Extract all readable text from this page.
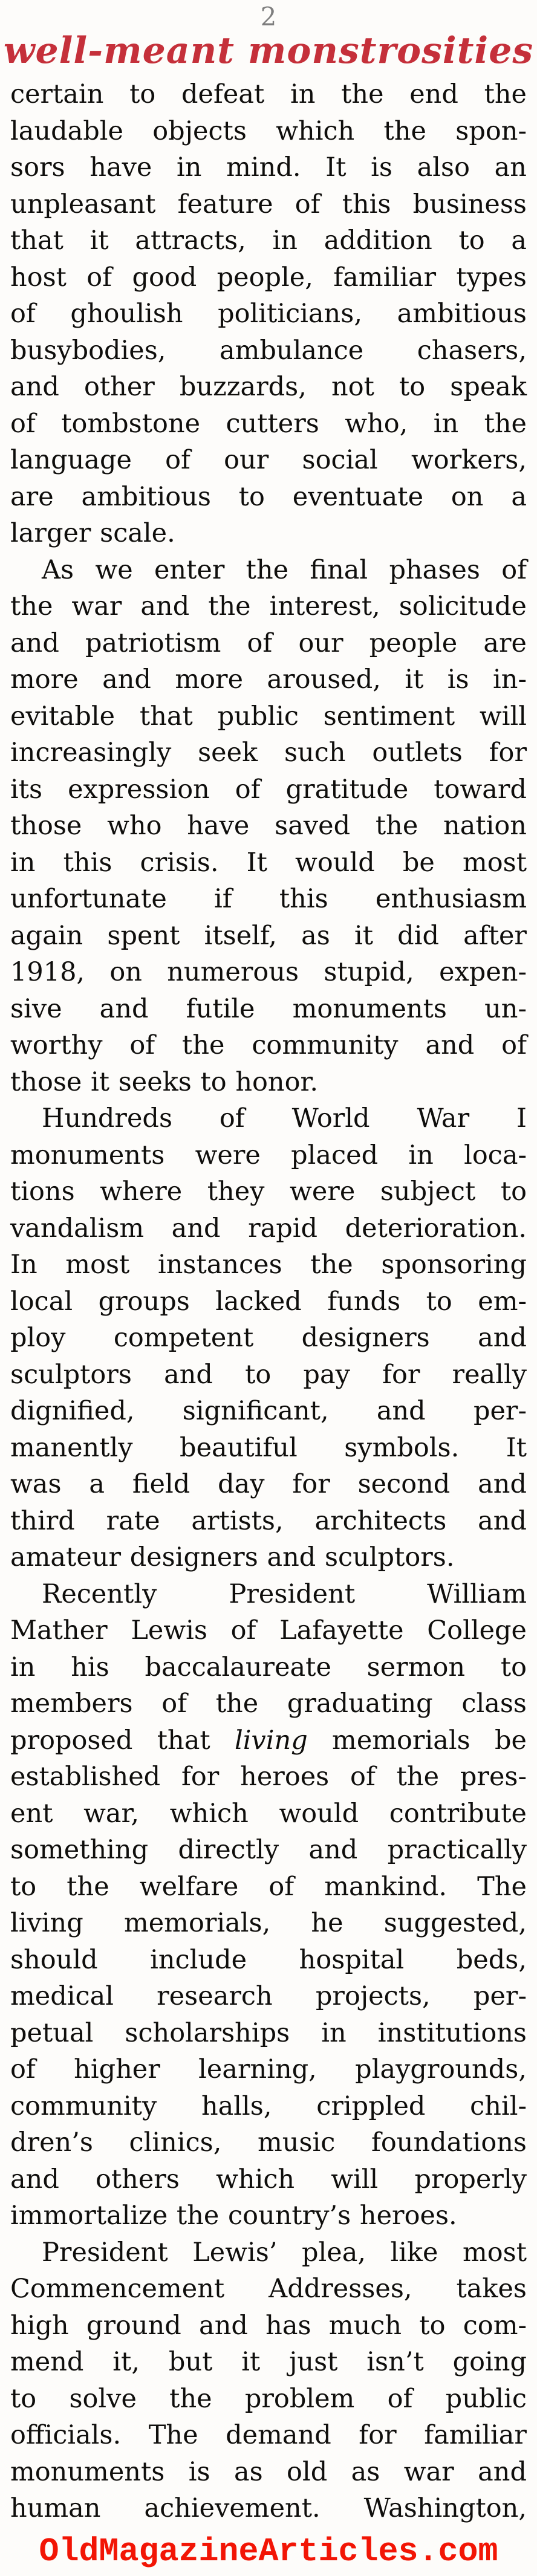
2
well-meant monstrosities
certain to defeat in the end the
laudable objects which the spon-
sors have in mind. It is also an
unpleasant feature of this business
that it attracts, in addition to a
host of good people, familiar types
of ghoulish politicians, ambitious
busybodies, ambulance chasers,
and other buzzards, not to speak
of tombstone cutters who, in the
language of our social workers,
are ambitious to eventuate on a
larger scale.
As we enter the final phases of
the war and the interest, solicitude
and patriotism of our people are
more and more aroused, it is in-
evitable that public sentiment will
increasingly seek such outlets for
its expression of gratitude toward
those who have saved the nation
in this crisis. It would be most
unfortunate if this enthusiasm
again spent itself, as it did after
1918, on numerous stupid, expen-
sive and futile monuments un-
worthy of the community and of
those it seeks to honor.
Hundreds of World War I
monuments were placed in loca-
tions where they were subject to
vandalism and rapid deterioration.
In most instances the sponsoring
local groups lacked funds to em-
ploy competent designers and
sculptors and to pay for really
dignified, significant, and per-
manently beautiful symbols. It
was a field day for second and
third rate artists, architects and
amateur designers and sculptors.
Recently President William
Mather Lewis of Lafayette College
in his baccalaureate sermon to
members of the graduating class
proposed that living memorials be
established for heroes of the pres-
ent war, which would contribute
something directly and practically
to the welfare of mankind. The
living memorials, he suggested,
should include hospital beds,
medical research projects, per-
petual scholarships in institutions
of higher learning, playgrounds,
community halls, crippled chil-
dren’s clinics, music foundations
and others which will properly
immortalize the country’s heroes.
President Lewis’ plea, like most
Commencement Addresses, takes
high ground and has much to com-
mend it, but it just isn’t going
to solve the problem of public
officials. The demand for familiar
monuments is as old as war and
human achievement. Washington,
OldMagazineArticles.com
